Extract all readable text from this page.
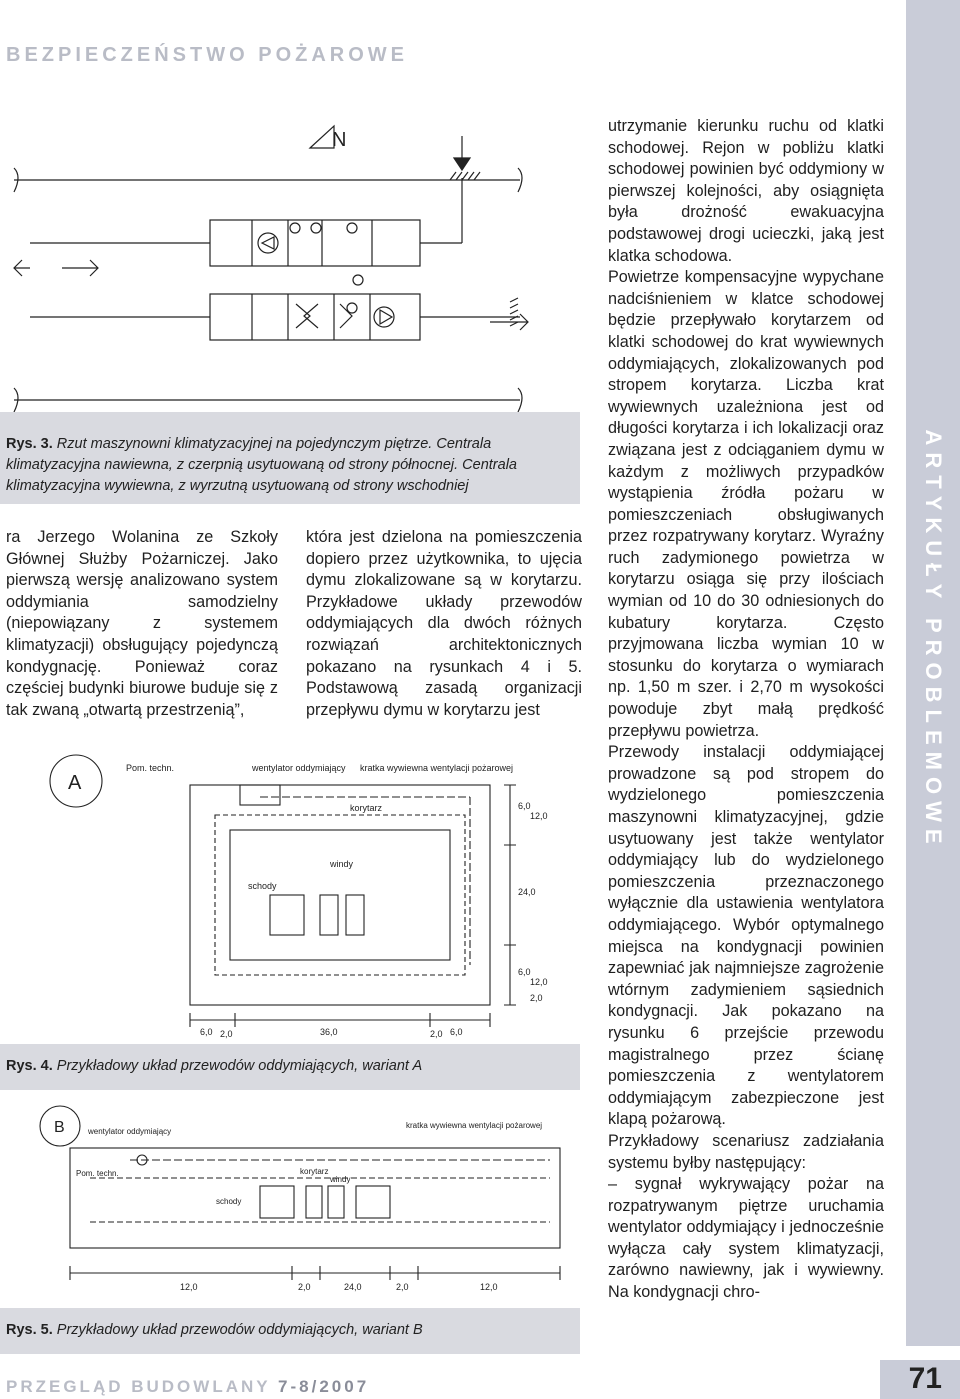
BEZPIECZEŃSTWO POŻAROWE
ARTYKUŁY PROBLEMOWE
N
Rys. 3. Rzut maszynowni klimatyzacyjnej na pojedynczym piętrze. Centrala klimatyzacyjna nawiewna, z czerpnią usytuowaną od strony północnej. Centrala klimatyzacyjna wywiewna, z wyrzutną usytuowaną od strony wschodniej

ra Jerzego Wolanina ze Szkoły Głównej Służby Pożarniczej. Jako pierwszą wersję analizowano system oddymiania samodzielny (niepowiązany z systemem klimatyzacji) obsługujący pojedynczą kondygnację. Ponieważ coraz częściej budynki biurowe buduje się z tak zwaną „otwartą przestrzenią”,

która jest dzielona na pomieszczenia dopiero przez użytkownika, to ujęcia dymu zlokalizowane są w korytarzu. Przykładowe układy przewodów oddymiających dla dwóch różnych rozwiązań architektonicznych pokazano na rysunkach 4 i 5. Podstawową zasadą organizacji przepływu dymu w korytarzu jest

A
Pom. techn.	wentylator oddymiający kratka wywiewna wentylacji pożarowej
korytarz
schody
windy
6,0	36,0	6,0
2,0	2,0
6,0
12,0
24,0
6,0
12,0
2,0
Rys. 4. Przykładowy układ przewodów oddymiających, wariant A
B	wentylator oddymiający
Pom. techn.	korytarz
schody
windy
kratka wywiewna wentylacji pożarowej
12,0	2,0	24,0	2,0	12,0
Rys. 5. Przykładowy układ przewodów oddymiających, wariant B

utrzymanie kierunku ruchu od klatki schodowej. Rejon w pobliżu klatki schodowej powinien być oddymiony w pierwszej kolejności, aby osiągnięta była drożność ewakuacyjna podstawowej drogi ucieczki, jaką jest klatka schodowa.

Powietrze kompensacyjne wypychane nadciśnieniem w klatce schodowej będzie przepływało korytarzem od klatki schodowej do krat wywiewnych oddymiających, zlokalizowanych pod stropem korytarza. Liczba krat wywiewnych uzależniona jest od długości korytarza i ich lokalizacji oraz związana jest z odciąganiem dymu w każdym z możliwych przypadków wystąpienia źródła pożaru w pomieszczeniach obsługiwanych przez rozpatrywany korytarz. Wyraźny ruch zadymionego powietrza w korytarzu osiąga się przy ilościach wymian od 10 do 30 odniesionych do kubatury korytarza. Często przyjmowana liczba wymian 10 w stosunku do korytarza o wymiarach np. 1,50 m szer. i 2,70 m wysokości powoduje zbyt małą prędkość przepływu powietrza.

Przewody instalacji oddymiającej prowadzone są pod stropem do wydzielonego pomieszczenia maszynowni klimatyzacyjnej, gdzie usytuowany jest także wentylator oddymiający lub do wydzielonego pomieszczenia przeznaczonego wyłącznie dla ustawienia wentylatora oddymiającego. Wybór optymalnego miejsca na kondygnacji powinien zapewniać jak najmniejsze zagrożenie wtórnym zadymieniem sąsiednich kondygnacji. Jak pokazano na rysunku 6 przejście przewodu magistralnego przez ścianę pomieszczenia z wentylatorem oddymiającym zabezpieczone jest klapą pożarową.

Przykładowy scenariusz zadziałania systemu byłby następujący:

– sygnał wykrywający pożar na rozpatrywanym piętrze uruchamia wentylator oddymiający i jednocześnie wyłącza cały system klimatyzacji, zarówno nawiewny, jak i wywiewny. Na kondygnacji chro-

PRZEGLĄD BUDOWLANY 7-8/2007	71
